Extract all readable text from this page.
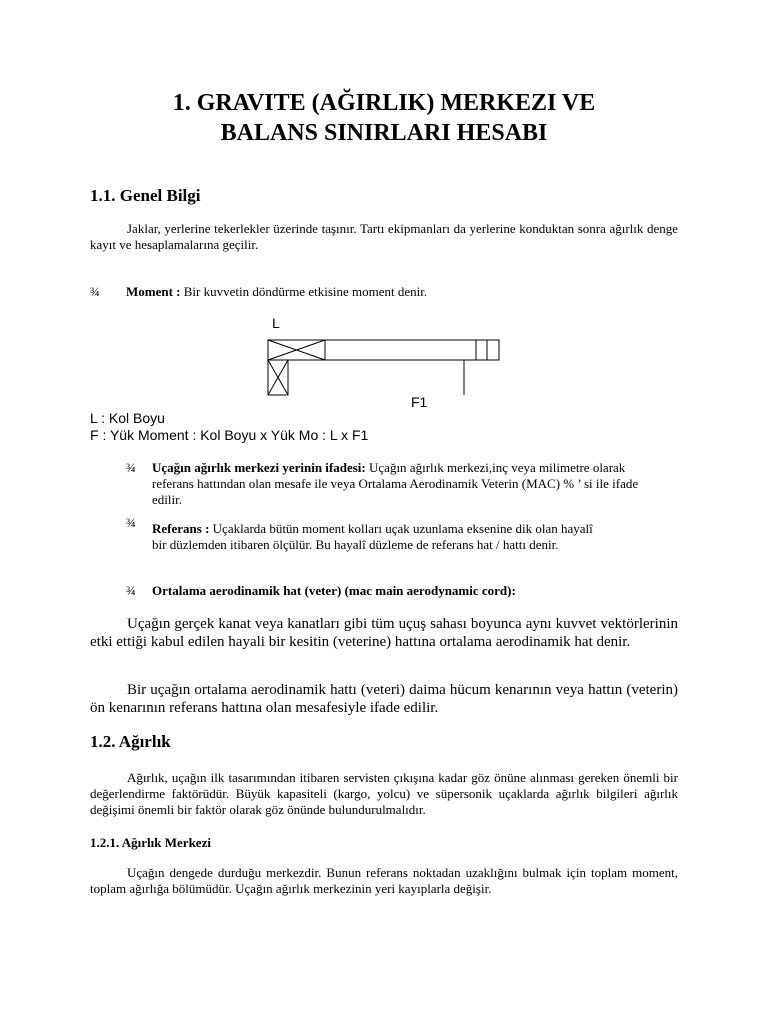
1. GRAVITE (AĞIRLIK) MERKEZI VE
BALANS SINIRLARI HESABI
1.1. Genel Bilgi
Jaklar, yerlerine tekerlekler üzerinde taşınır. Tartı ekipmanları da yerlerine konduktan sonra ağırlık denge kayıt ve hesaplamalarına geçilir.
¾ Moment : Bir kuvvetin döndürme etkisine moment denir.
L
F1
L : Kol Boyu
F : Yük Moment : Kol Boyu x Yük Mo : L x F1
¾ Uçağın ağırlık merkezi yerinin ifadesi: Uçağın ağırlık merkezi,inç veya milimetre olarak referans hattından olan mesafe ile veya Ortalama Aerodinamik Veterin (MAC) % ’ si ile ifade edilir.
¾ Referans : Uçaklarda bütün moment kolları uçak uzunlama eksenine dik olan hayalî bir düzlemden itibaren ölçülür. Bu hayalî düzleme de referans hat / hattı denir.
¾ Ortalama aerodinamik hat (veter) (mac main aerodynamic cord):
Uçağın gerçek kanat veya kanatları gibi tüm uçuş sahası boyunca aynı kuvvet vektörlerinin etki ettiği kabul edilen hayali bir kesitin (veterine) hattına ortalama aerodinamik hat denir.
Bir uçağın ortalama aerodinamik hattı (veteri) daima hücum kenarının veya hattın (veterin) ön kenarının referans hattına olan mesafesiyle ifade edilir.
1.2. Ağırlık
Ağırlık, uçağın ilk tasarımından itibaren servisten çıkışına kadar göz önüne alınması gereken önemli bir değerlendirme faktörüdür. Büyük kapasiteli (kargo, yolcu) ve süpersonik uçaklarda ağırlık bilgileri ağırlık değişimi önemli bir faktör olarak göz önünde bulundurulmalıdır.
1.2.1. Ağırlık Merkezi
Uçağın dengede durduğu merkezdir. Bunun referans noktadan uzaklığını bulmak için toplam moment, toplam ağırlığa bölümüdür. Uçağın ağırlık merkezinin yeri kayıplarla değişir.
